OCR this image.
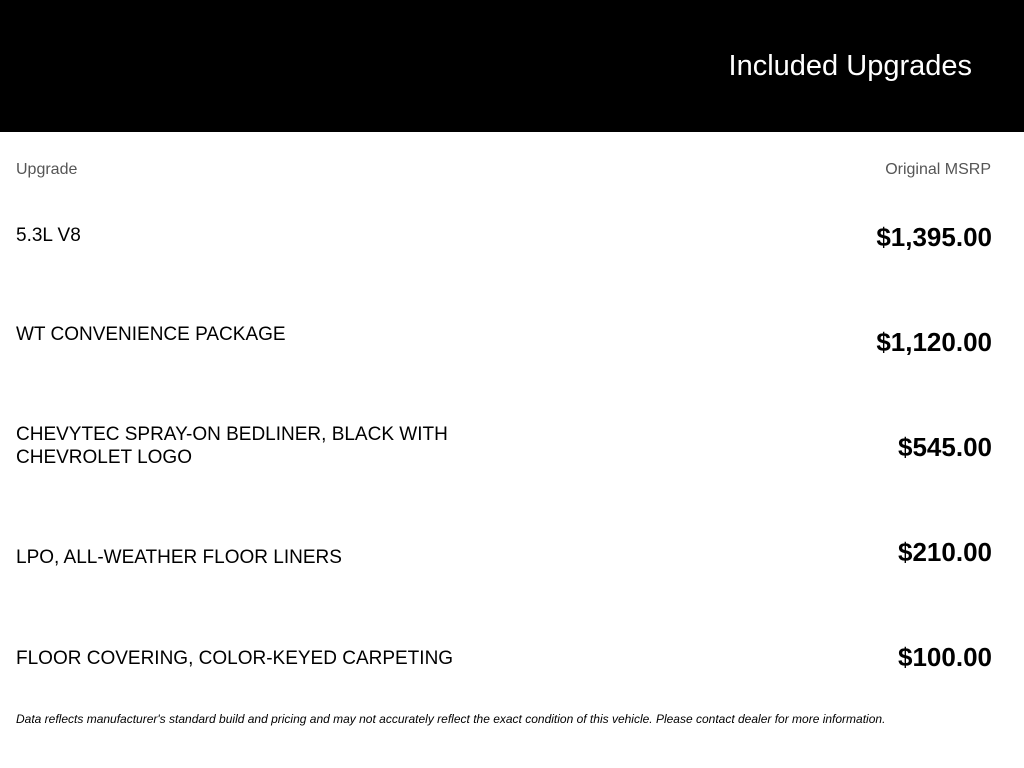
Included Upgrades
Upgrade	Original MSRP
5.3L V8	$1,395.00
WT CONVENIENCE PACKAGE	$1,120.00
CHEVYTEC SPRAY-ON BEDLINER, BLACK WITH CHEVROLET LOGO	$545.00
LPO, ALL-WEATHER FLOOR LINERS	$210.00
FLOOR COVERING, COLOR-KEYED CARPETING	$100.00
Data reflects manufacturer's standard build and pricing and may not accurately reflect the exact condition of this vehicle. Please contact dealer for more information.
